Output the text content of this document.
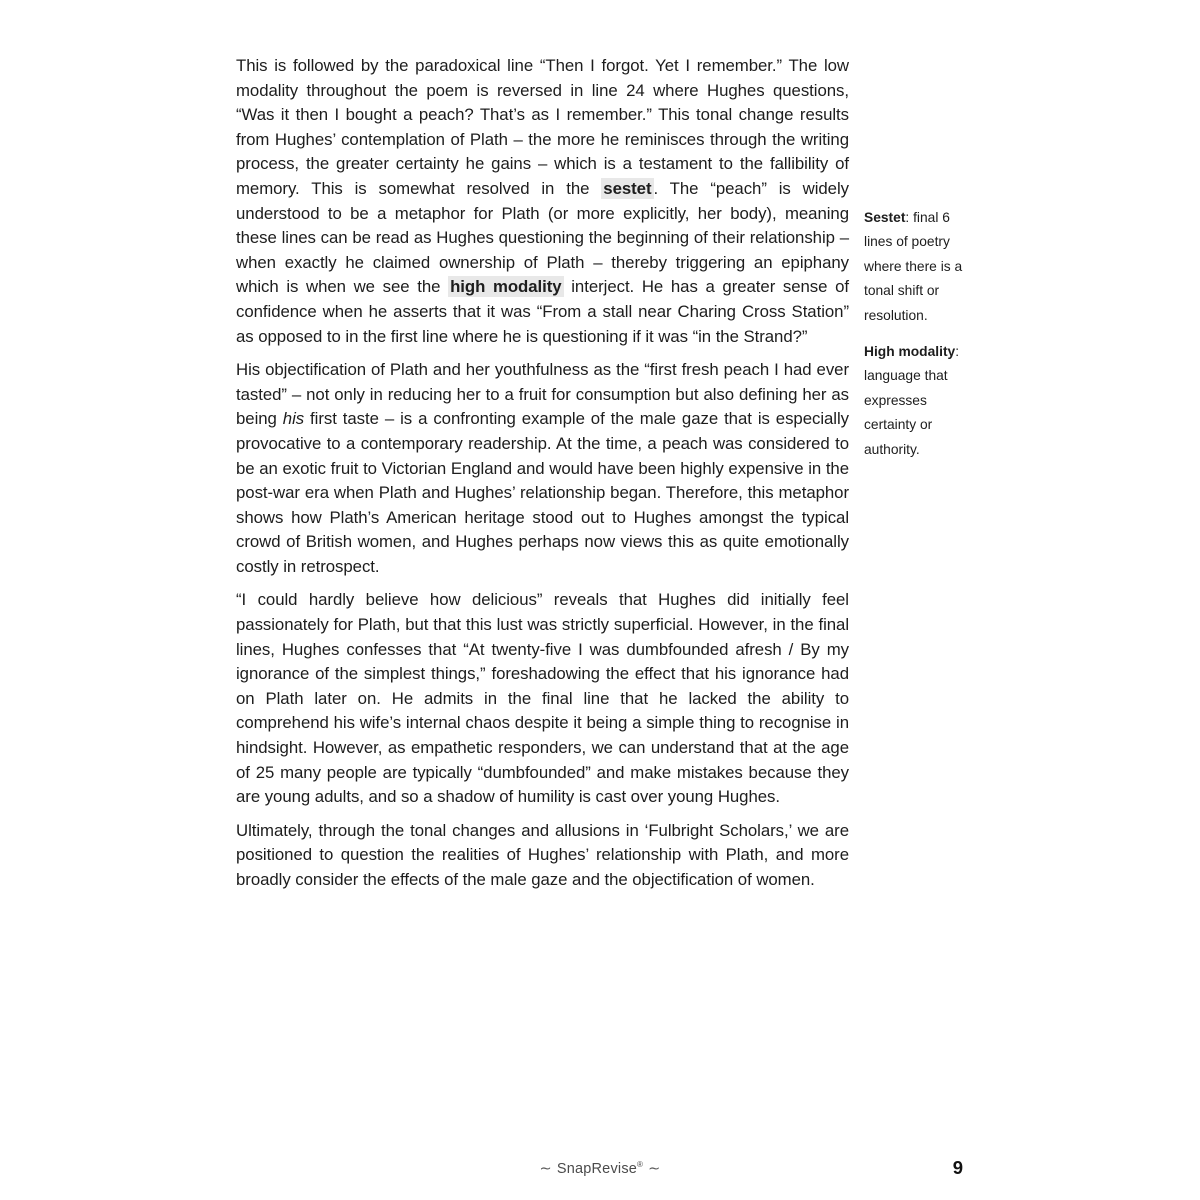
This is followed by the paradoxical line “Then I forgot. Yet I remember.” The low modality throughout the poem is reversed in line 24 where Hughes questions, “Was it then I bought a peach? That’s as I remember.” This tonal change results from Hughes’ contemplation of Plath – the more he reminisces through the writing process, the greater certainty he gains – which is a testament to the fallibility of memory. This is somewhat resolved in the sestet . The “peach” is widely understood to be a metaphor for Plath (or more explicitly, her body), meaning these lines can be read as Hughes questioning the beginning of their relationship – when exactly he claimed ownership of Plath – thereby triggering an epiphany which is when we see the high modality interject. He has a greater sense of confidence when he asserts that it was “From a stall near Charing Cross Station” as opposed to in the first line where he is questioning if it was “in the Strand?”

His objectification of Plath and her youthfulness as the “first fresh peach I had ever tasted” – not only in reducing her to a fruit for consumption but also defining her as being his first taste – is a confronting example of the male gaze that is especially provocative to a contemporary readership. At the time, a peach was considered to be an exotic fruit to Victorian England and would have been highly expensive in the post-war era when Plath and Hughes’ relationship began. Therefore, this metaphor shows how Plath’s American heritage stood out to Hughes amongst the typical crowd of British women, and Hughes perhaps now views this as quite emotionally costly in retrospect.

“I could hardly believe how delicious” reveals that Hughes did initially feel passionately for Plath, but that this lust was strictly superficial. However, in the final lines, Hughes confesses that “At twenty-five I was dumbfounded afresh / By my ignorance of the simplest things,” foreshadowing the effect that his ignorance had on Plath later on. He admits in the final line that he lacked the ability to comprehend his wife’s internal chaos despite it being a simple thing to recognise in hindsight. However, as empathetic responders, we can understand that at the age of 25 many people are typically “dumbfounded” and make mistakes because they are young adults, and so a shadow of humility is cast over young Hughes.

Ultimately, through the tonal changes and allusions in ‘Fulbright Scholars,’ we are positioned to question the realities of Hughes’ relationship with Plath, and more broadly consider the effects of the male gaze and the objectification of women.

Sestet: final 6 lines of poetry where there is a tonal shift or resolution.
High modality: language that expresses certainty or authority.
∼ SnapRevise® ∼	9
